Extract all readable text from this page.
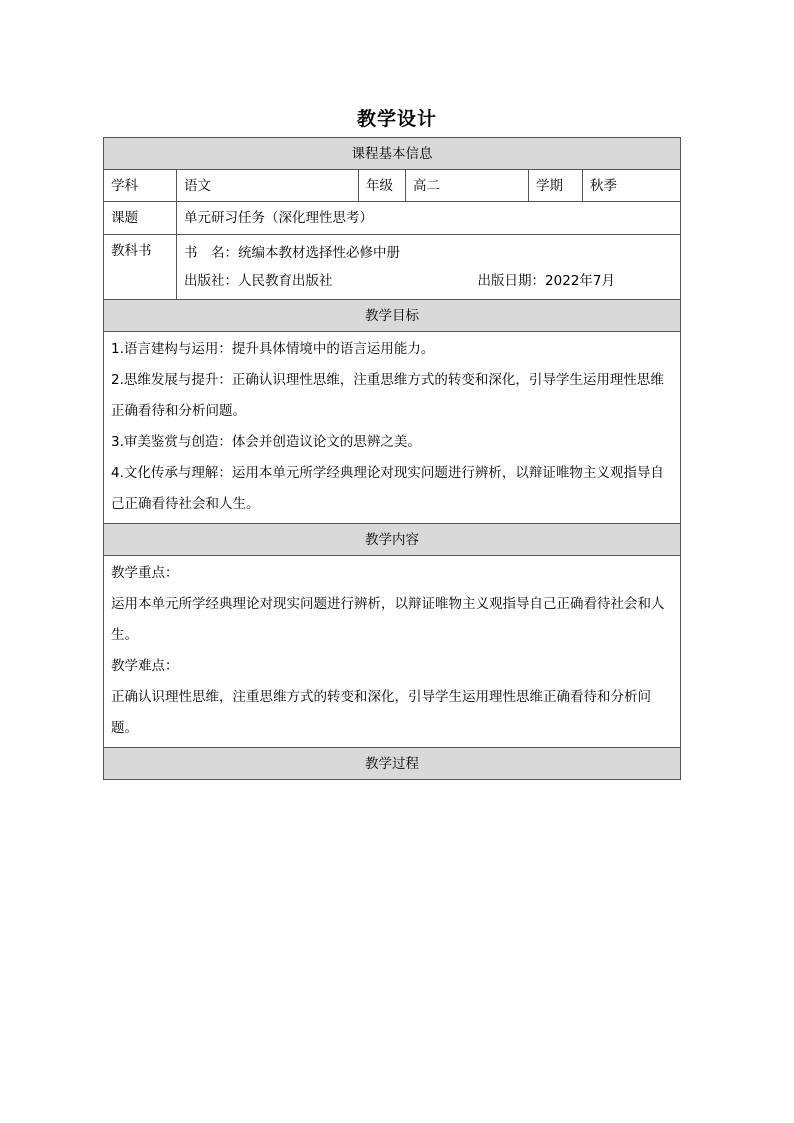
教学设计
课程基本信息					
学科	语文	年级	高二	学期	秋季
课题	单元研习任务（深化理性思考）				
教科书	书　名：统编本教材选择性必修中册
出版日期：2022年7月
出版社：人民教育出版社				

教学目标					

1.语言建构与运用：提升具体情境中的语言运用能力。

2.思维发展与提升：正确认识理性思维，注重思维方式的转变和深化，引导学生运用理性思维正确看待和分析问题。

3.审美鉴赏与创造：体会并创造议论文的思辨之美。

4.文化传承与理解：运用本单元所学经典理论对现实问题进行辨析，以辩证唯物主义观指导自己正确看待社会和人生。					

教学内容					

教学重点：

运用本单元所学经典理论对现实问题进行辨析，以辩证唯物主义观指导自己正确看待社会和人生。

教学难点：

正确认识理性思维，注重思维方式的转变和深化，引导学生运用理性思维正确看待和分析问题。					

教学过程					
